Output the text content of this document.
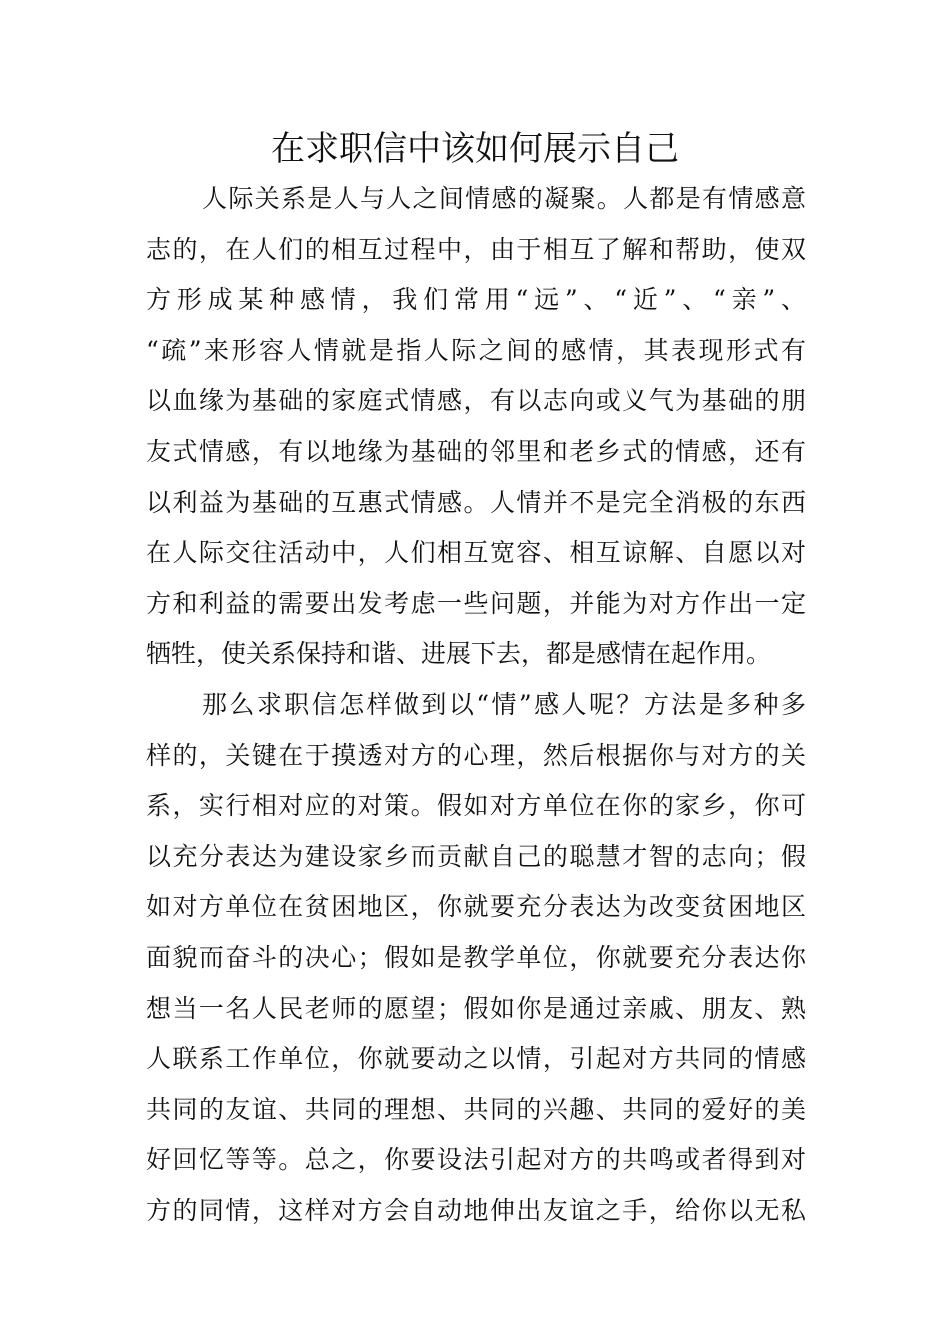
在求职信中该如何展示自己
人际关系是人与人之间情感的凝聚。人都是有情感意
志的，在人们的相互过程中，由于相互了解和帮助，使双
方形成某种感情，我们常用“远”、“近”、“亲”、
“疏”来形容人情就是指人际之间的感情，其表现形式有
以血缘为基础的家庭式情感，有以志向或义气为基础的朋
友式情感，有以地缘为基础的邻里和老乡式的情感，还有
以利益为基础的互惠式情感。人情并不是完全消极的东西
在人际交往活动中，人们相互宽容、相互谅解、自愿以对
方和利益的需要出发考虑一些问题，并能为对方作出一定
牺牲，使关系保持和谐、进展下去，都是感情在起作用。
那么求职信怎样做到以“情”感人呢？方法是多种多
样的，关键在于摸透对方的心理，然后根据你与对方的关
系，实行相对应的对策。假如对方单位在你的家乡，你可
以充分表达为建设家乡而贡献自己的聪慧才智的志向；假
如对方单位在贫困地区，你就要充分表达为改变贫困地区
面貌而奋斗的决心；假如是教学单位，你就要充分表达你
想当一名人民老师的愿望；假如你是通过亲戚、朋友、熟
人联系工作单位，你就要动之以情，引起对方共同的情感
共同的友谊、共同的理想、共同的兴趣、共同的爱好的美
好回忆等等。总之，你要设法引起对方的共鸣或者得到对
方的同情，这样对方会自动地伸出友谊之手，给你以无私
